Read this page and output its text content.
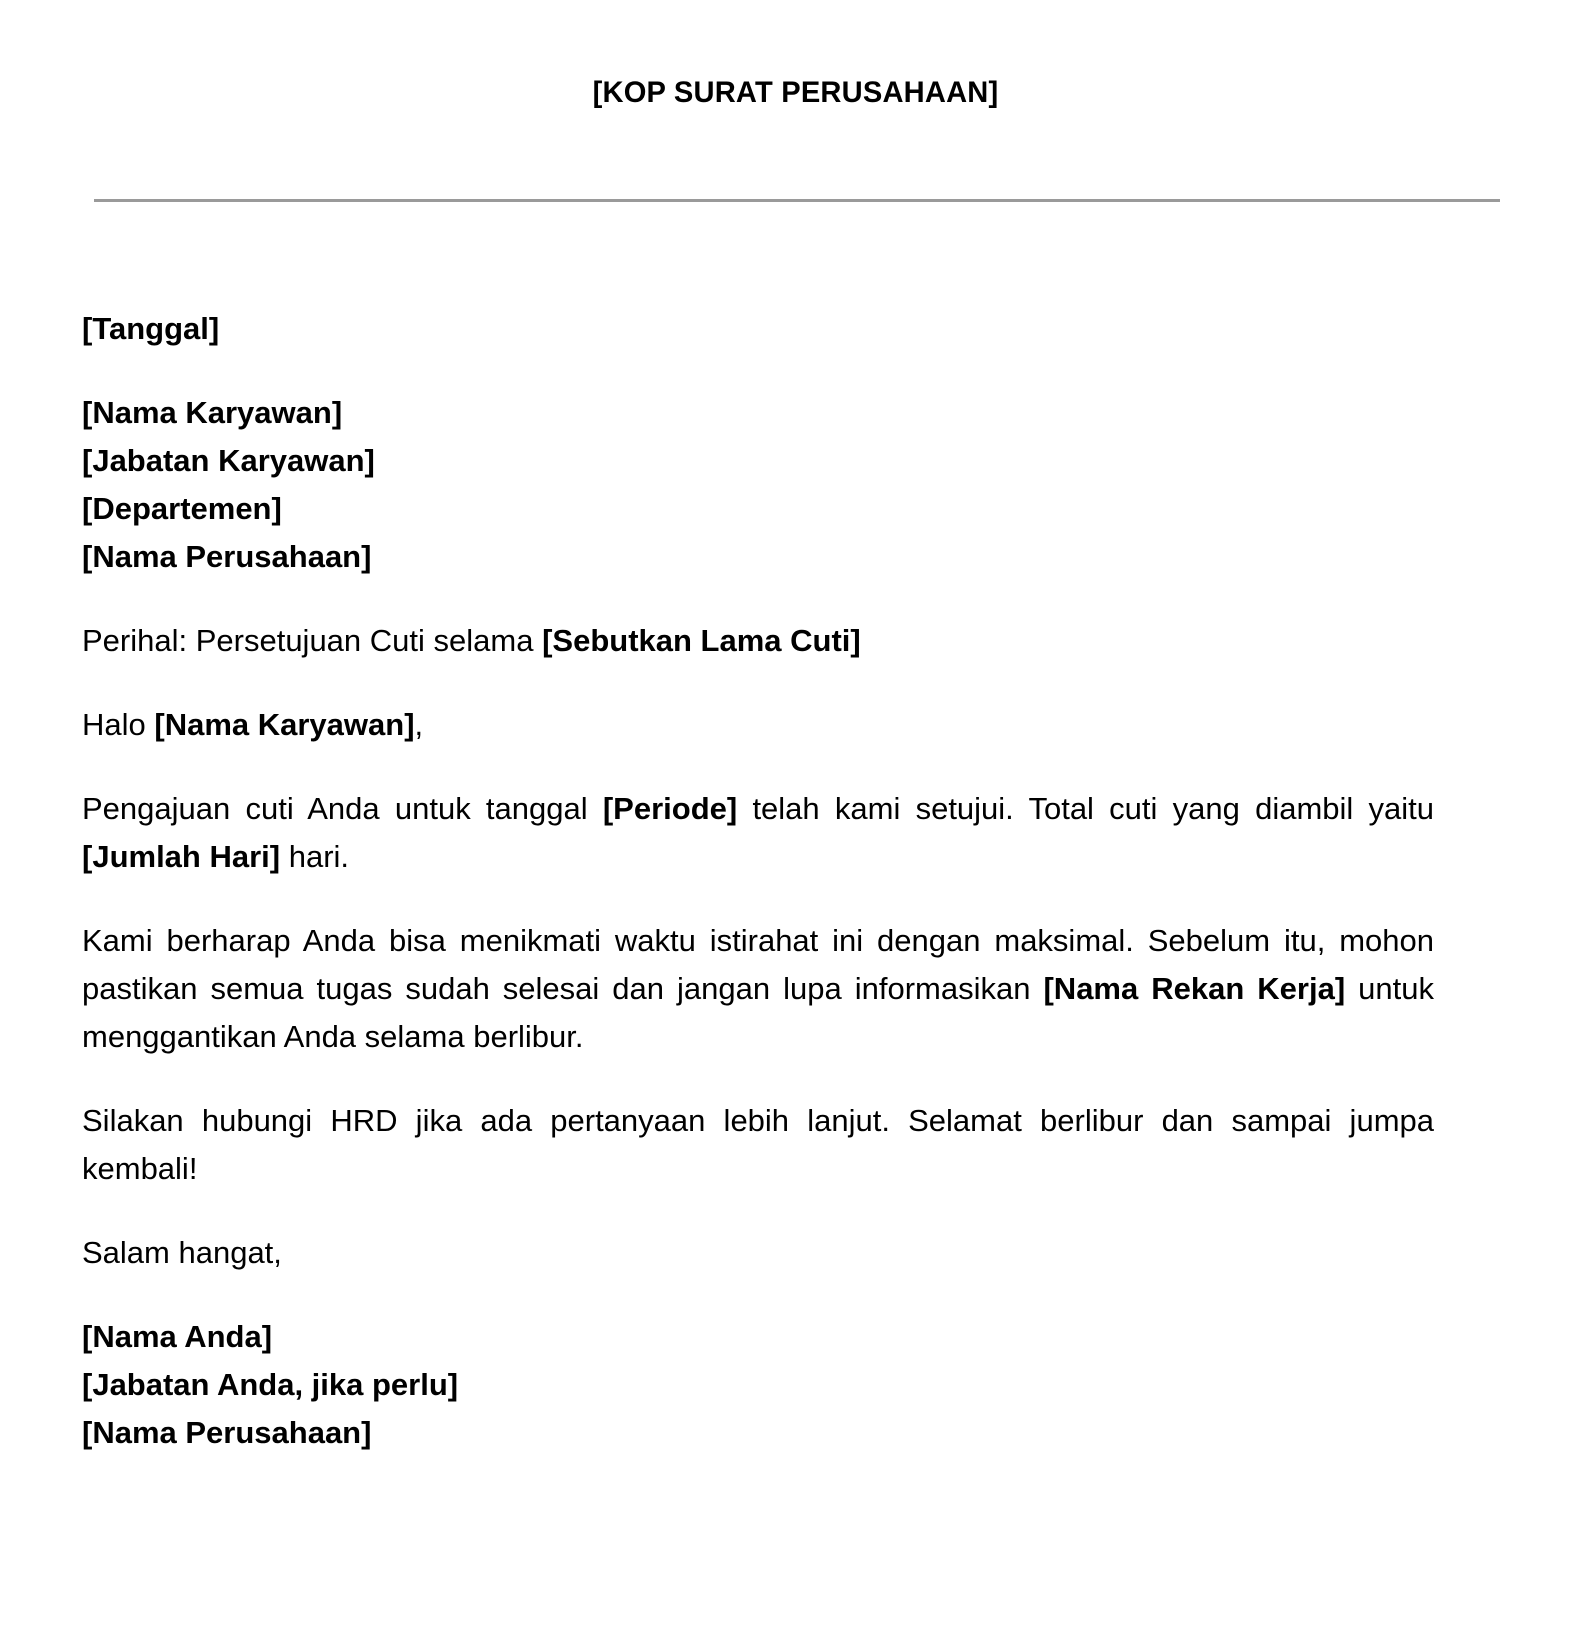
[KOP SURAT PERUSAHAAN]
[Tanggal]
[Nama Karyawan]
[Jabatan Karyawan]
[Departemen]
[Nama Perusahaan]

Perihal: Persetujuan Cuti selama [Sebutkan Lama Cuti]

Halo [Nama Karyawan],

Pengajuan cuti Anda untuk tanggal [Periode] telah kami setujui. Total cuti yang diambil yaitu [Jumlah Hari] hari.

Kami berharap Anda bisa menikmati waktu istirahat ini dengan maksimal. Sebelum itu, mohon pastikan semua tugas sudah selesai dan jangan lupa informasikan [Nama Rekan Kerja] untuk menggantikan Anda selama berlibur.

Silakan hubungi HRD jika ada pertanyaan lebih lanjut. Selamat berlibur dan sampai jumpa kembali!

Salam hangat,

[Nama Anda]
[Jabatan Anda, jika perlu]
[Nama Perusahaan]
